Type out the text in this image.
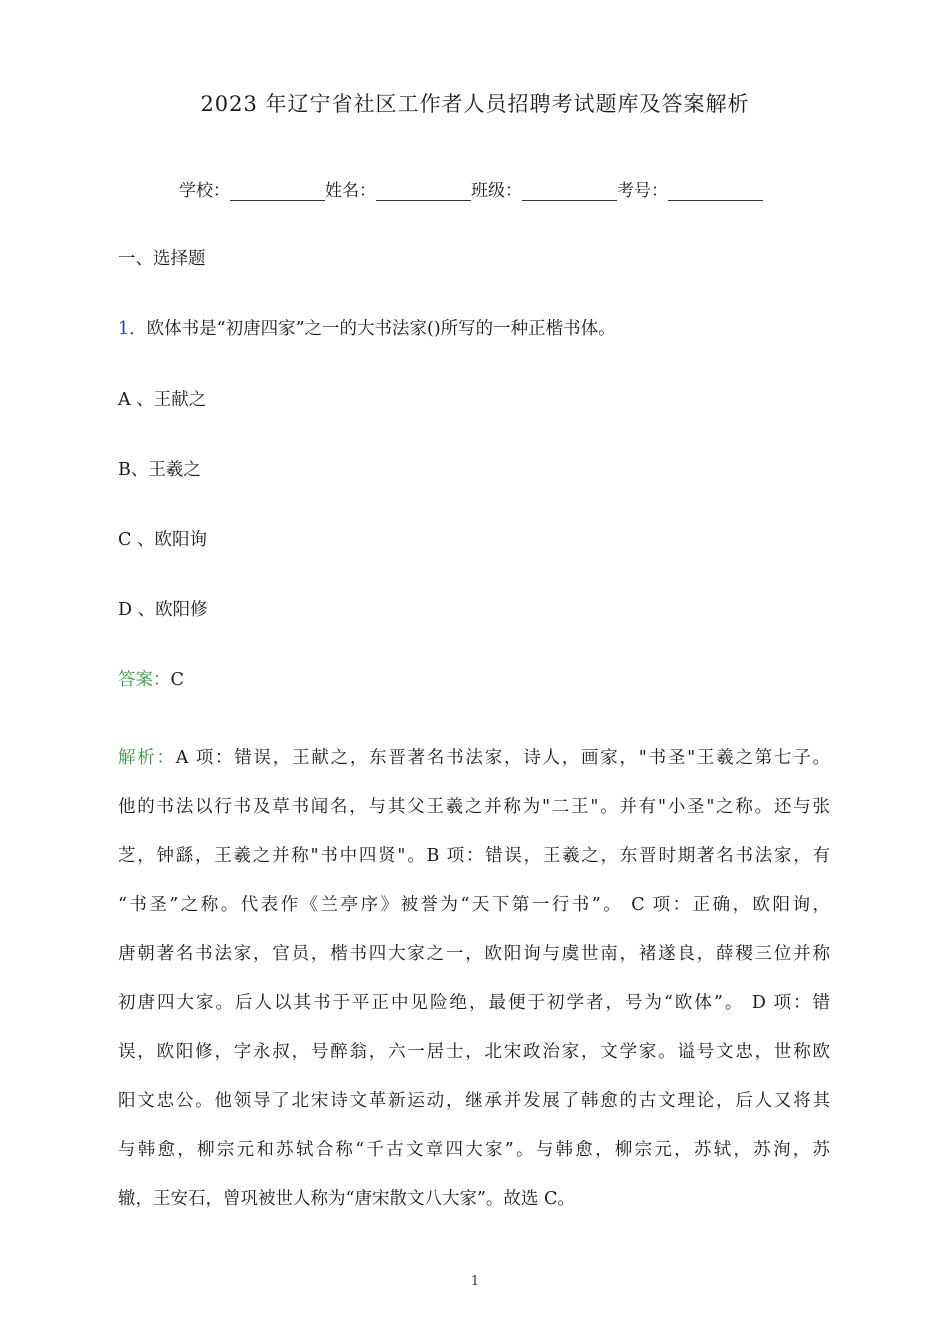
2023 年辽宁省社区工作者人员招聘考试题库及答案解析
学校：	姓名：	班级：	考号：
一、选择题
1．欧体书是“初唐四家”之一的大书法家()所写的一种正楷书体。
A 、王献之
B、王羲之
C 、欧阳询
D 、欧阳修
答案：C
解析：A 项：错误，王献之，东晋著名书法家，诗人，画家，"书圣"王羲之第七子。
他的书法以行书及草书闻名，与其父王羲之并称为"二王"。并有"小圣"之称。还与张
芝，钟繇，王羲之并称"书中四贤"。B 项：错误，王羲之，东晋时期著名书法家，有
“书圣”之称。代表作《兰亭序》被誉为“天下第一行书”。 C 项：正确，欧阳询，
唐朝著名书法家，官员，楷书四大家之一，欧阳询与虞世南，褚遂良，薛稷三位并称
初唐四大家。后人以其书于平正中见险绝，最便于初学者，号为“欧体”。 D 项：错
误，欧阳修，字永叔，号醉翁，六一居士，北宋政治家，文学家。谥号文忠，世称欧
阳文忠公。他领导了北宋诗文革新运动，继承并发展了韩愈的古文理论，后人又将其
与韩愈，柳宗元和苏轼合称“千古文章四大家”。与韩愈，柳宗元，苏轼，苏洵，苏
辙，王安石，曾巩被世人称为“唐宋散文八大家”。故选 C。
1
